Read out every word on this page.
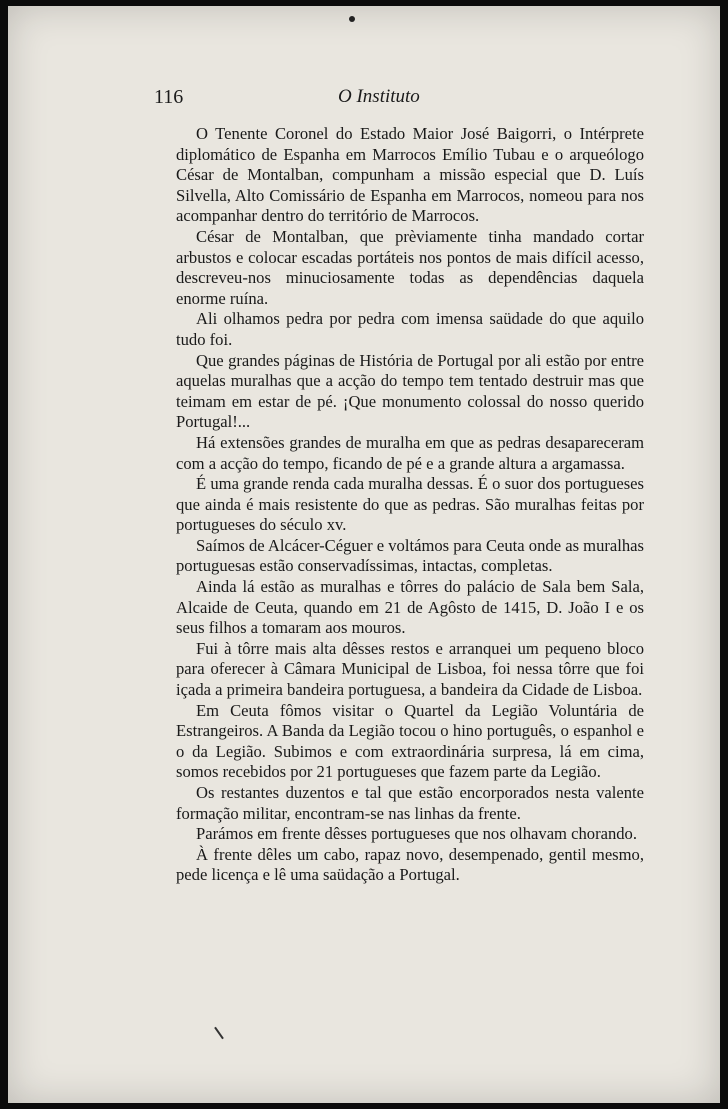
116	O Instituto

O Tenente Coronel do Estado Maior José Baigorri, o Intérprete diplomático de Espanha em Marrocos Emílio Tubau e o arqueólogo César de Montalban, compunham a missão especial que D. Luís Silvella, Alto Comissário de Espanha em Marrocos, nomeou para nos acompanhar dentro do território de Marrocos.

César de Montalban, que prèviamente tinha mandado cortar arbustos e colocar escadas portáteis nos pontos de mais difícil acesso, descreveu-nos minuciosamente todas as dependências daquela enorme ruína.

Ali olhamos pedra por pedra com imensa saüdade do que aquilo tudo foi.

Que grandes páginas de História de Portugal por ali estão por entre aquelas muralhas que a acção do tempo tem tentado destruir mas que teimam em estar de pé. ¡Que monumento colossal do nosso querido Portugal!...

Há extensões grandes de muralha em que as pedras desapareceram com a acção do tempo, ficando de pé e a grande altura a argamassa.

É uma grande renda cada muralha dessas. É o suor dos portugueses que ainda é mais resistente do que as pedras. São muralhas feitas por portugueses do século xv.

Saímos de Alcácer-Céguer e voltámos para Ceuta onde as muralhas portuguesas estão conservadíssimas, intactas, completas.

Ainda lá estão as muralhas e tôrres do palácio de Sala bem Sala, Alcaide de Ceuta, quando em 21 de Agôsto de 1415, D. João I e os seus filhos a tomaram aos mouros.

Fui à tôrre mais alta dêsses restos e arranquei um pequeno bloco para oferecer à Câmara Municipal de Lisboa, foi nessa tôrre que foi içada a primeira bandeira portuguesa, a bandeira da Cidade de Lisboa.

Em Ceuta fômos visitar o Quartel da Legião Voluntária de Estrangeiros. A Banda da Legião tocou o hino português, o espanhol e o da Legião. Subimos e com extraordinária surpresa, lá em cima, somos recebidos por 21 portugueses que fazem parte da Legião.

Os restantes duzentos e tal que estão encorporados nesta valente formação militar, encontram-se nas linhas da frente.

Parámos em frente dêsses portugueses que nos olhavam chorando.

À frente dêles um cabo, rapaz novo, desempenado, gentil mesmo, pede licença e lê uma saüdação a Portugal.
